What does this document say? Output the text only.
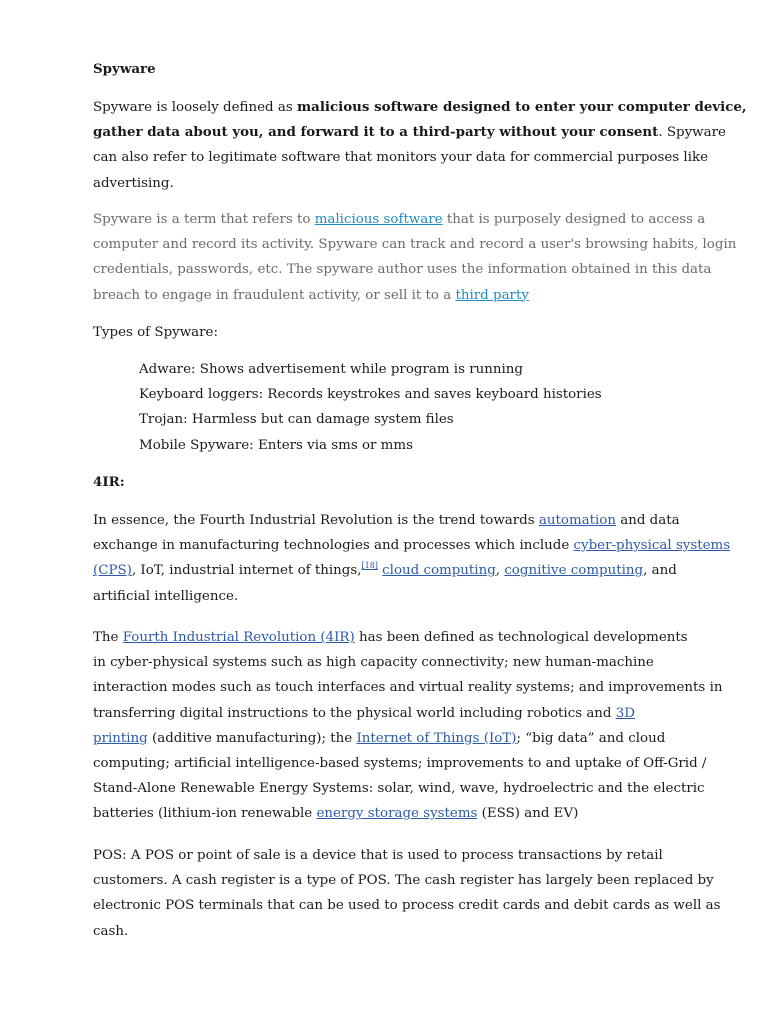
Spyware
Spyware is loosely defined as malicious software designed to enter your computer device,
gather data about you, and forward it to a third-party without your consent. Spyware
can also refer to legitimate software that monitors your data for commercial purposes like
advertising.
Spyware is a term that refers to malicious software that is purposely designed to access a
computer and record its activity. Spyware can track and record a user's browsing habits, login
credentials, passwords, etc. The spyware author uses the information obtained in this data
breach to engage in fraudulent activity, or sell it to a third party
Types of Spyware:
Adware: Shows advertisement while program is running
Keyboard loggers: Records keystrokes and saves keyboard histories
Trojan: Harmless but can damage system files
Mobile Spyware: Enters via sms or mms
4IR:
In essence, the Fourth Industrial Revolution is the trend towards automation and data
exchange in manufacturing technologies and processes which include cyber-physical systems
(CPS), IoT, industrial internet of things,[18] cloud computing, cognitive computing, and
artificial intelligence.
The Fourth Industrial Revolution (4IR) has been defined as technological developments
in cyber-physical systems such as high capacity connectivity; new human-machine
interaction modes such as touch interfaces and virtual reality systems; and improvements in
transferring digital instructions to the physical world including robotics and 3D
printing (additive manufacturing); the Internet of Things (IoT); “big data” and cloud
computing; artificial intelligence-based systems; improvements to and uptake of Off-Grid /
Stand-Alone Renewable Energy Systems: solar, wind, wave, hydroelectric and the electric
batteries (lithium-ion renewable energy storage systems (ESS) and EV)
POS: A POS or point of sale is a device that is used to process transactions by retail
customers. A cash register is a type of POS. The cash register has largely been replaced by
electronic POS terminals that can be used to process credit cards and debit cards as well as
cash.
